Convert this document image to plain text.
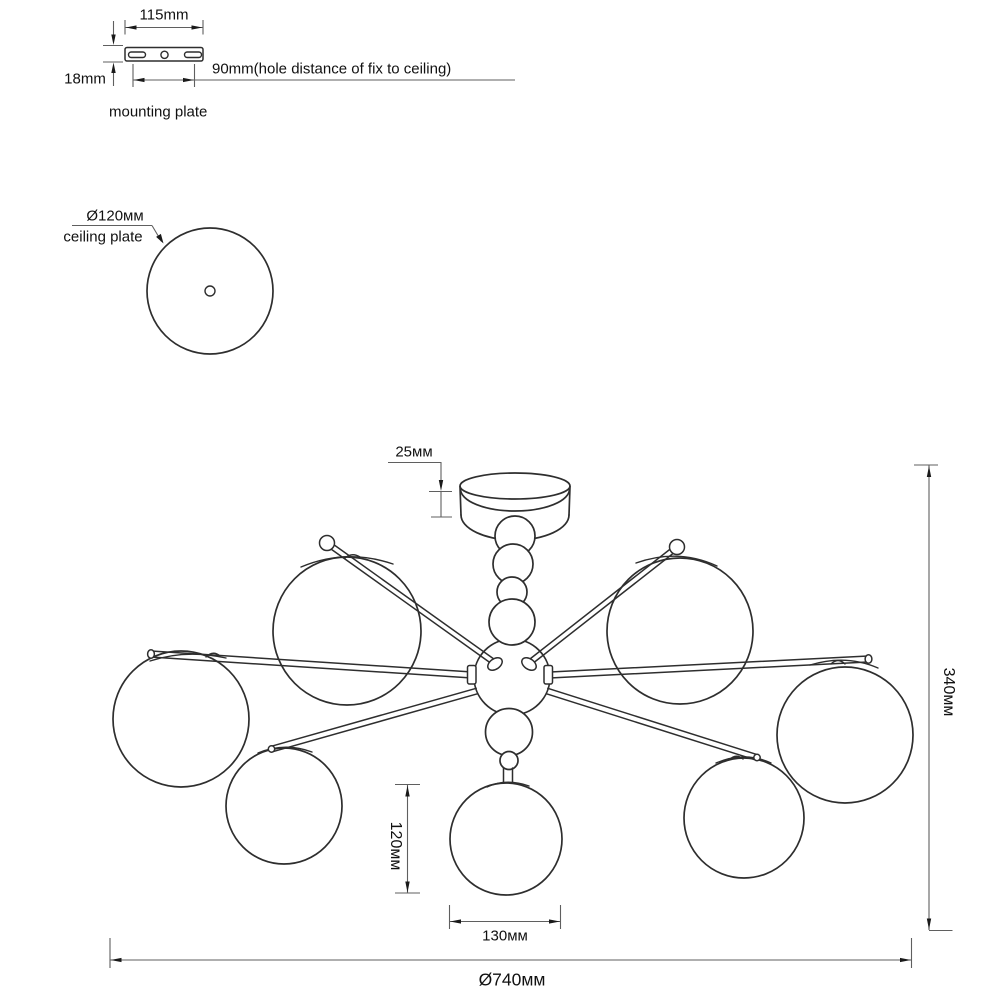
115mm
18mm
90mm(hole distance of fix to ceiling)
mounting plate
Ø120мм
ceiling plate
25мм
120мм
130мм
Ø740мм
340мм
